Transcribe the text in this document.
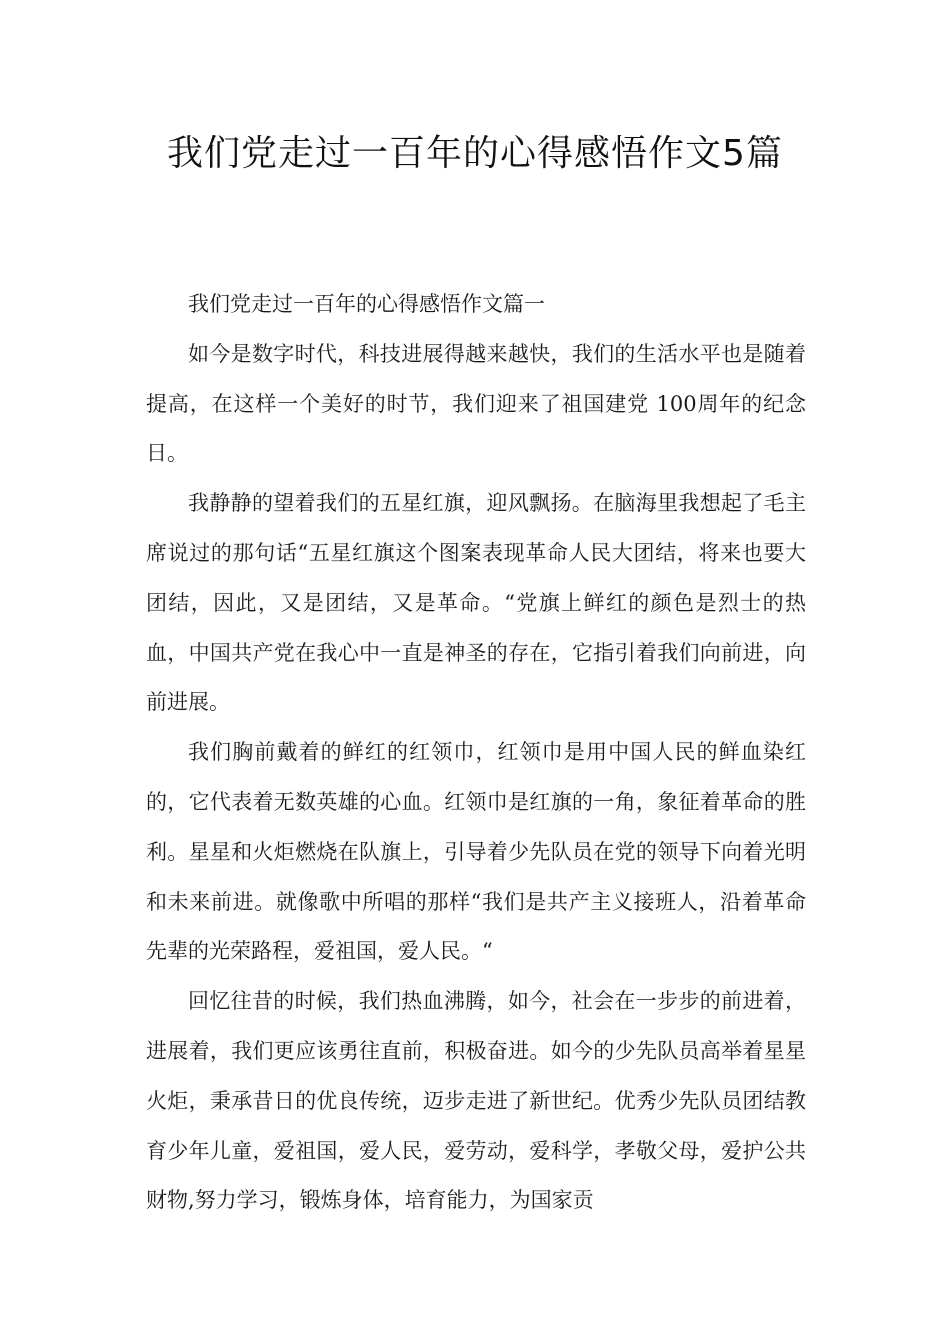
我们党走过一百年的心得感悟作文5篇

我们党走过一百年的心得感悟作文篇一

如今是数字时代，科技进展得越来越快，我们的生活水平也是随着提高，在这样一个美好的时节，我们迎来了祖国建党 100周年的纪念日。

我静静的望着我们的五星红旗，迎风飘扬。在脑海里我想起了毛主席说过的那句话“五星红旗这个图案表现革命人民大团结，将来也要大团结，因此，又是团结，又是革命。“党旗上鲜红的颜色是烈士的热血，中国共产党在我心中一直是神圣的存在，它指引着我们向前进，向前进展。

我们胸前戴着的鲜红的红领巾，红领巾是用中国人民的鲜血染红的，它代表着无数英雄的心血。红领巾是红旗的一角，象征着革命的胜利。星星和火炬燃烧在队旗上，引导着少先队员在党的领导下向着光明和未来前进。就像歌中所唱的那样“我们是共产主义接班人，沿着革命先辈的光荣路程，爱祖国，爱人民。“

回忆往昔的时候，我们热血沸腾，如今，社会在一步步的前进着，进展着，我们更应该勇往直前，积极奋进。如今的少先队员高举着星星火炬，秉承昔日的优良传统，迈步走进了新世纪。优秀少先队员团结教育少年儿童，爱祖国，爱人民，爱劳动，爱科学，孝敬父母，爱护公共财物,努力学习，锻炼身体，培育能力，为国家贡
